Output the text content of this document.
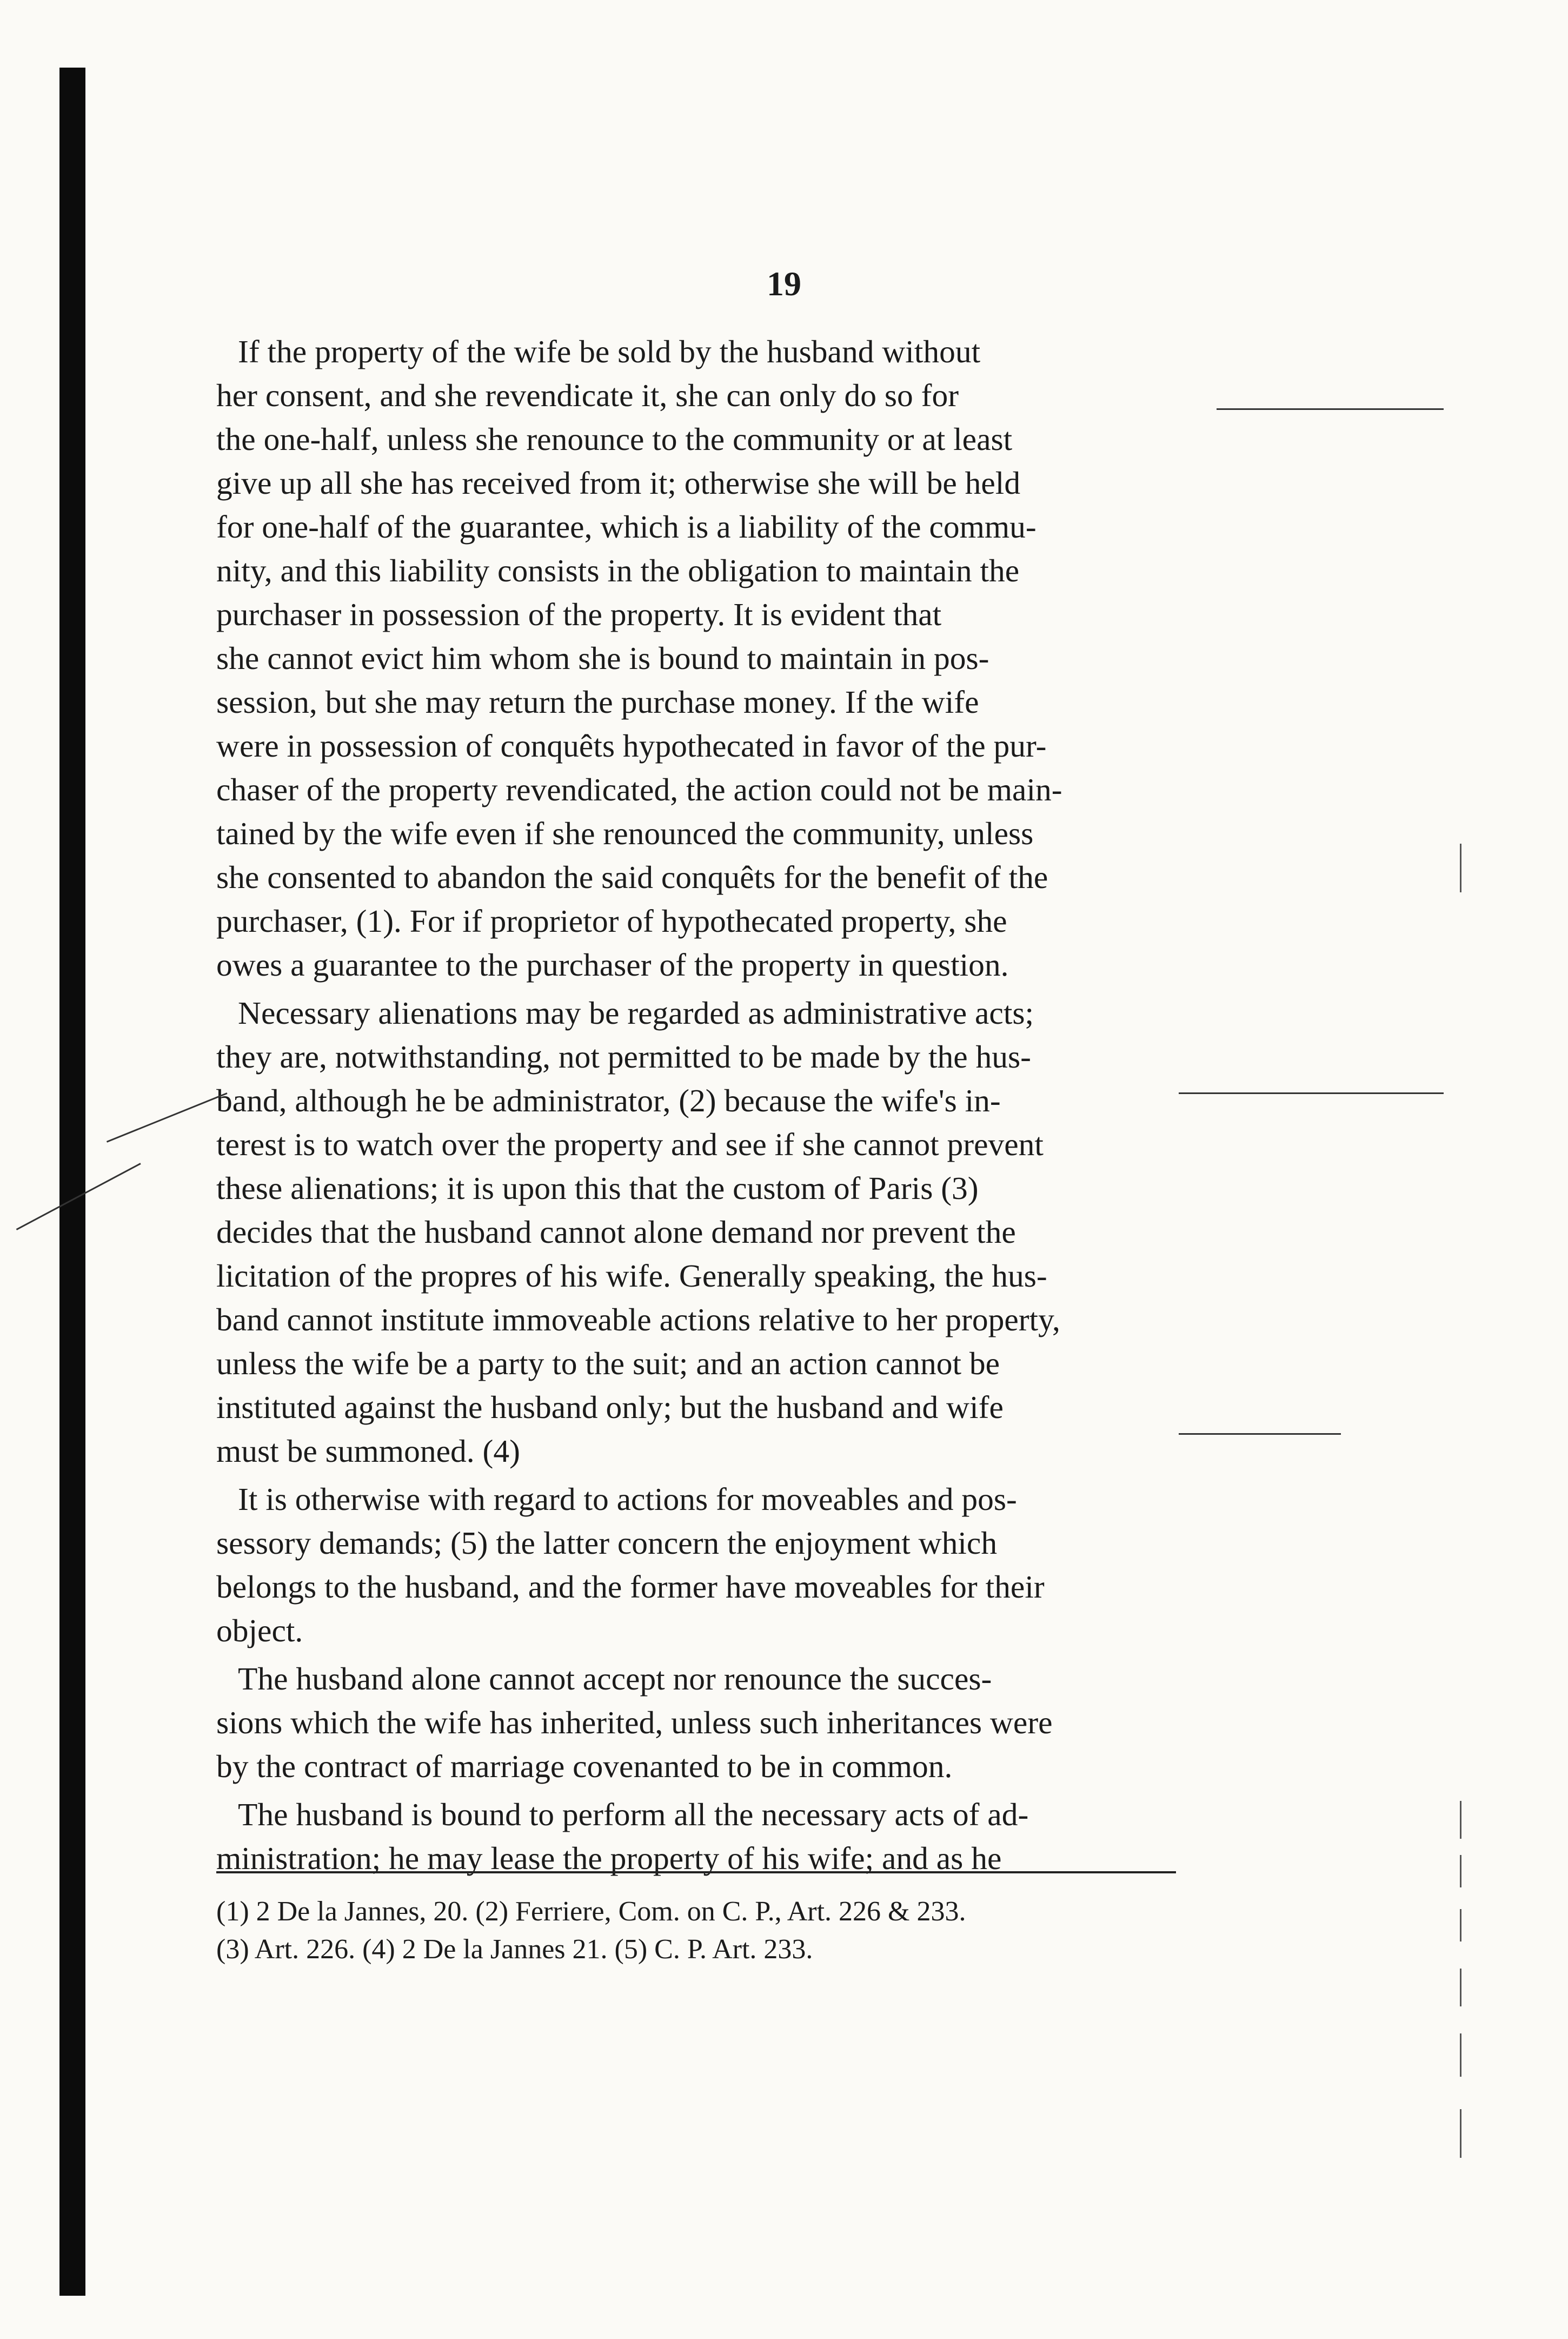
19

If the property of the wife be sold by the husband without
her consent, and she revendicate it, she can only do so for
the one-half, unless she renounce to the community or at least
give up all she has received from it; otherwise she will be held
for one-half of the guarantee, which is a liability of the commu-
nity, and this liability consists in the obligation to maintain the
purchaser in possession of the property. It is evident that
she cannot evict him whom she is bound to maintain in pos-
session, but she may return the purchase money. If the wife
were in possession of conquêts hypothecated in favor of the pur-
chaser of the property revendicated, the action could not be main-
tained by the wife even if she renounced the community, unless
she consented to abandon the said conquêts for the benefit of the
purchaser, (1). For if proprietor of hypothecated property, she
owes a guarantee to the purchaser of the property in question.

Necessary alienations may be regarded as administrative acts;
they are, notwithstanding, not permitted to be made by the hus-
band, although he be administrator, (2) because the wife's in-
terest is to watch over the property and see if she cannot prevent
these alienations; it is upon this that the custom of Paris (3)
decides that the husband cannot alone demand nor prevent the
licitation of the propres of his wife. Generally speaking, the hus-
band cannot institute immoveable actions relative to her property,
unless the wife be a party to the suit; and an action cannot be
instituted against the husband only; but the husband and wife
must be summoned. (4)

It is otherwise with regard to actions for moveables and pos-
sessory demands; (5) the latter concern the enjoyment which
belongs to the husband, and the former have moveables for their
object.

The husband alone cannot accept nor renounce the succes-
sions which the wife has inherited, unless such inheritances were
by the contract of marriage covenanted to be in common.

The husband is bound to perform all the necessary acts of ad-
ministration; he may lease the property of his wife; and as he

(1) 2 De la Jannes, 20. (2) Ferriere, Com. on C. P., Art. 226 & 233.
(3) Art. 226. (4) 2 De la Jannes 21. (5) C. P. Art. 233.
